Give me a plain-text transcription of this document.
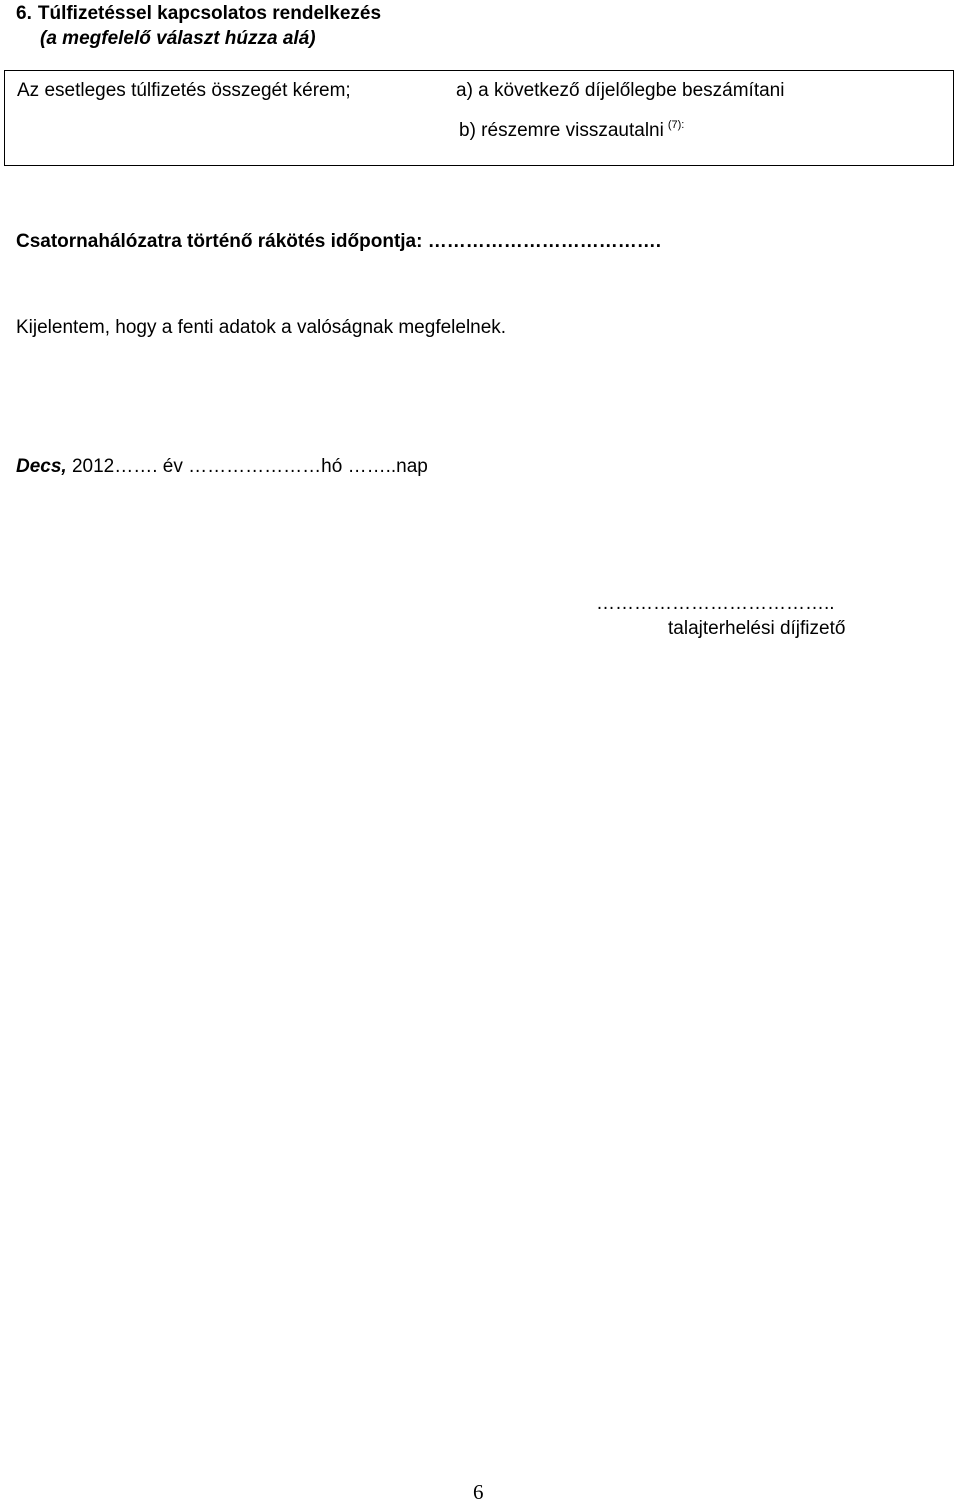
6. Túlfizetéssel kapcsolatos rendelkezés
(a megfelelő választ húzza alá)
Az esetleges túlfizetés összegét kérem;	a) a következő díjelőlegbe beszámítani
b) részemre visszautalni $^{(7):}$
Csatornahálózatra történő rákötés időpontja: ……………………………….
Kijelentem, hogy a fenti adatok a valóságnak megfelelnek.
Decs, 2012……. év …………………hó ……..nap
………………………………..
talajterhelési díjfizető
6
